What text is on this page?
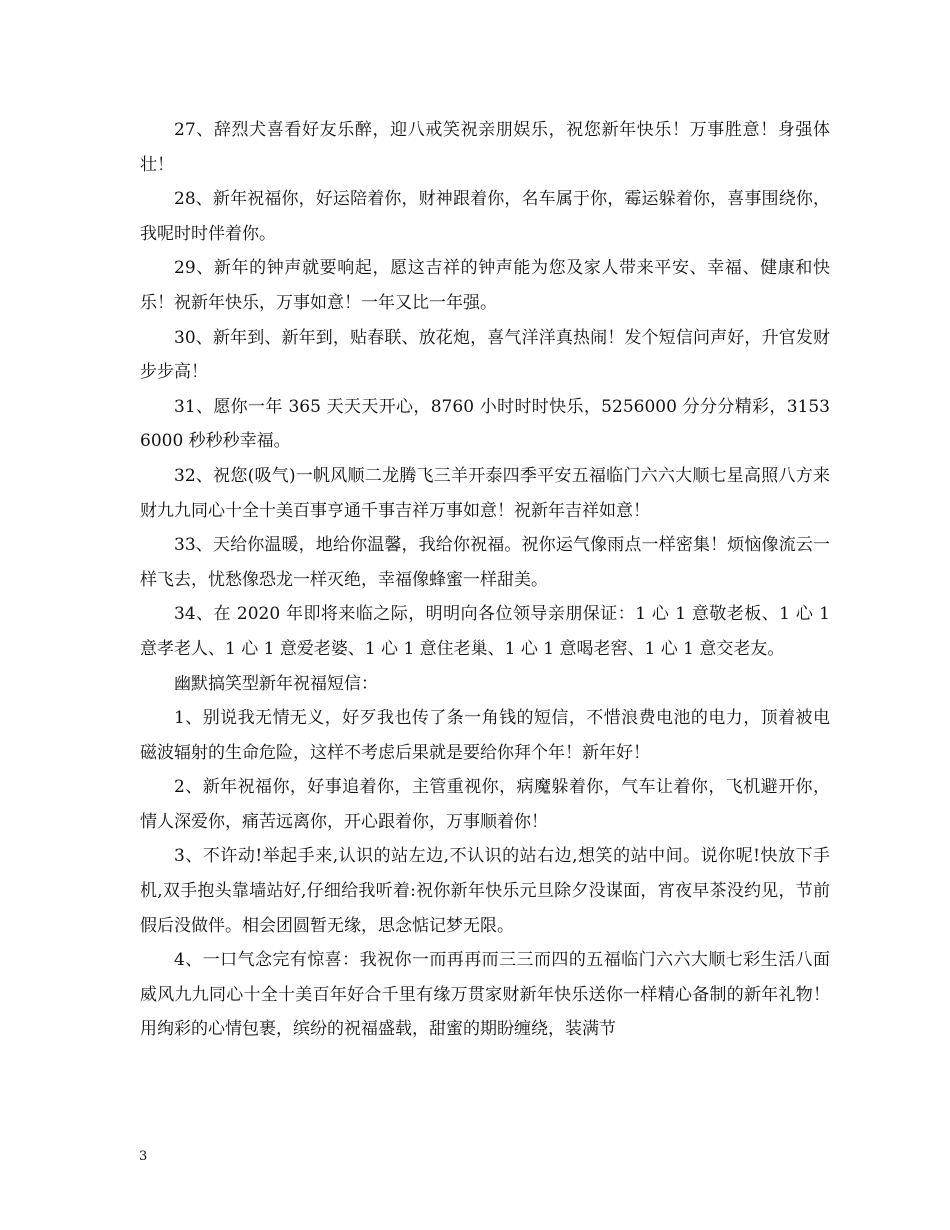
27、辞烈犬喜看好友乐醉，迎八戒笑祝亲朋娱乐，祝您新年快乐！万事胜意！身强体壮！

28、新年祝福你，好运陪着你，财神跟着你，名车属于你，霉运躲着你，喜事围绕你，我呢时时伴着你。

29、新年的钟声就要响起，愿这吉祥的钟声能为您及家人带来平安、幸福、健康和快乐！祝新年快乐，万事如意！一年又比一年强。

30、新年到、新年到，贴春联、放花炮，喜气洋洋真热闹！发个短信问声好，升官发财步步高！

31、愿你一年 365 天天天开心，8760 小时时时快乐，5256000 分分分精彩，31536000 秒秒秒幸福。

32、祝您(吸气)一帆风顺二龙腾飞三羊开泰四季平安五福临门六六大顺七星高照八方来财九九同心十全十美百事亨通千事吉祥万事如意！祝新年吉祥如意！

33、天给你温暖，地给你温馨，我给你祝福。祝你运气像雨点一样密集！烦恼像流云一样飞去，忧愁像恐龙一样灭绝，幸福像蜂蜜一样甜美。

34、在 2020 年即将来临之际，明明向各位领导亲朋保证：1 心 1 意敬老板、1 心 1 意孝老人、1 心 1 意爱老婆、1 心 1 意住老巢、1 心 1 意喝老窖、1 心 1 意交老友。

幽默搞笑型新年祝福短信：

1、别说我无情无义，好歹我也传了条一角钱的短信，不惜浪费电池的电力，顶着被电磁波辐射的生命危险，这样不考虑后果就是要给你拜个年！新年好！

2、新年祝福你，好事追着你，主管重视你，病魔躲着你，气车让着你，飞机避开你，情人深爱你，痛苦远离你，开心跟着你，万事顺着你！

3、不许动!举起手来,认识的站左边,不认识的站右边,想笑的站中间。说你呢!快放下手机,双手抱头靠墙站好,仔细给我听着:祝你新年快乐元旦除夕没谋面，宵夜早茶没约见，节前假后没做伴。相会团圆暂无缘，思念惦记梦无限。

4、一口气念完有惊喜：我祝你一而再再而三三而四的五福临门六六大顺七彩生活八面威风九九同心十全十美百年好合千里有缘万贯家财新年快乐送你一样精心备制的新年礼物！用绚彩的心情包裹，缤纷的祝福盛载，甜蜜的期盼缠绕，装满节

3
